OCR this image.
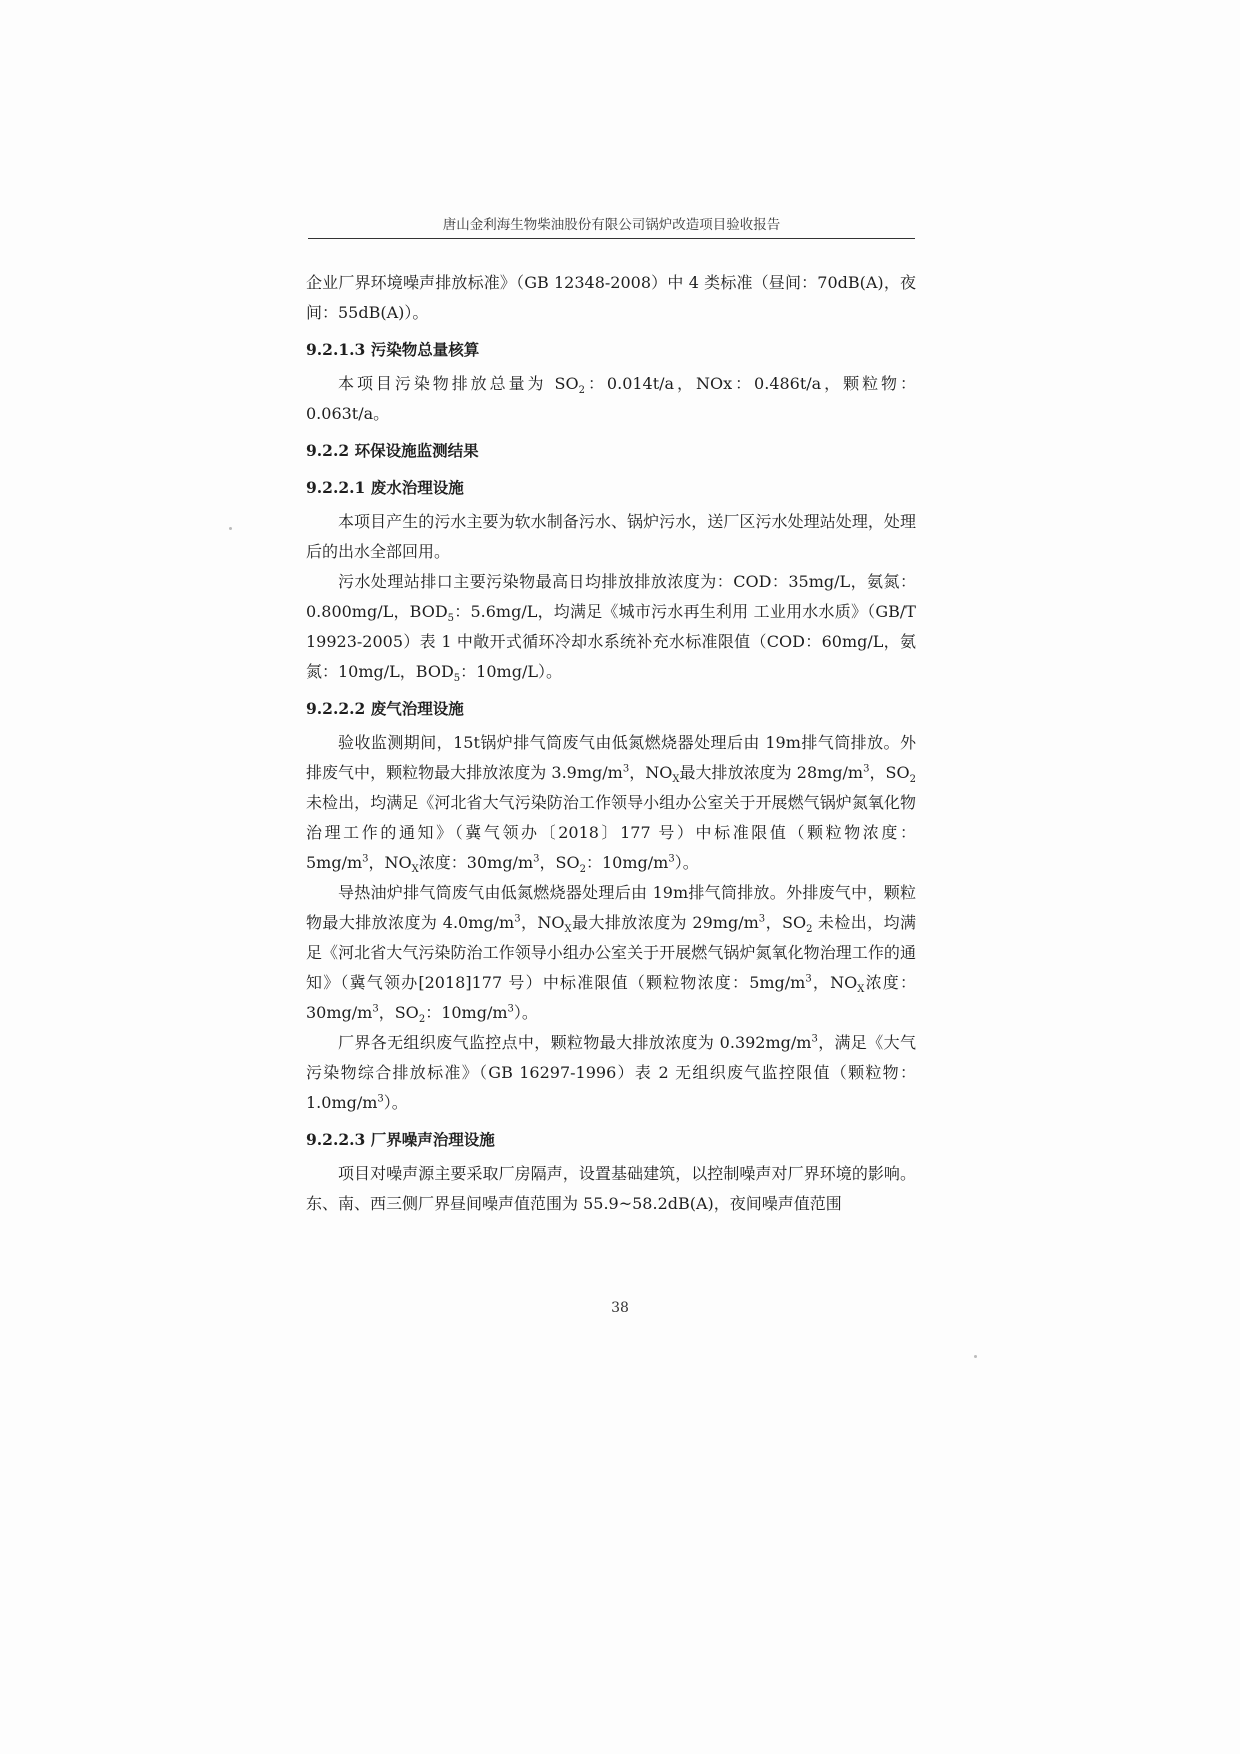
唐山金利海生物柴油股份有限公司锅炉改造项目验收报告

企业厂界环境噪声排放标准》（GB 12348-2008）中 4 类标准（昼间：70dB(A)，夜间：55dB(A)）。

9.2.1.3 污染物总量核算

本项目污染物排放总量为 $SO_2$：0.014t/a，NOx：0.486t/a，颗粒物：0.063t/a。

9.2.2 环保设施监测结果
9.2.2.1 废水治理设施

本项目产生的污水主要为软水制备污水、锅炉污水，送厂区污水处理站处理，处理后的出水全部回用。

污水处理站排口主要污染物最高日均排放排放浓度为：COD：35mg/L，氨氮：0.800mg/L，$BOD_5$：5.6mg/L，均满足《城市污水再生利用 工业用水水质》（GB/T 19923-2005）表 1 中敞开式循环冷却水系统补充水标准限值（COD：60mg/L，氨氮：10mg/L，$BOD_5$：10mg/L）。

9.2.2.2 废气治理设施

验收监测期间，15t锅炉排气筒废气由低氮燃烧器处理后由 19m排气筒排放。外排废气中，颗粒物最大排放浓度为 $3.9mg/m^3$，$NO_X$最大排放浓度为 $28mg/m^3$，$SO_2$ 未检出，均满足《河北省大气污染防治工作领导小组办公室关于开展燃气锅炉氮氧化物治理工作的通知》（冀气领办〔2018〕177 号）中标准限值（颗粒物浓度：$5mg/m^3$，$NO_X$浓度：$30mg/m^3$，$SO_2$：$10mg/m^3$）。

导热油炉排气筒废气由低氮燃烧器处理后由 19m排气筒排放。外排废气中，颗粒物最大排放浓度为 $4.0mg/m^3$，$NO_X$最大排放浓度为 $29mg/m^3$，$SO_2$ 未检出，均满足《河北省大气污染防治工作领导小组办公室关于开展燃气锅炉氮氧化物治理工作的通知》（冀气领办[2018]177 号）中标准限值（颗粒物浓度：$5mg/m^3$，$NO_X$浓度：$30mg/m^3$，$SO_2$：$10mg/m^3$）。

厂界各无组织废气监控点中，颗粒物最大排放浓度为 $0.392mg/m^3$，满足《大气污染物综合排放标准》（GB 16297-1996）表 2 无组织废气监控限值（颗粒物：$1.0mg/m^3$）。

9.2.2.3 厂界噪声治理设施

项目对噪声源主要采取厂房隔声，设置基础建筑，以控制噪声对厂界环境的影响。东、南、西三侧厂界昼间噪声值范围为 55.9~58.2dB(A)，夜间噪声值范围

38
